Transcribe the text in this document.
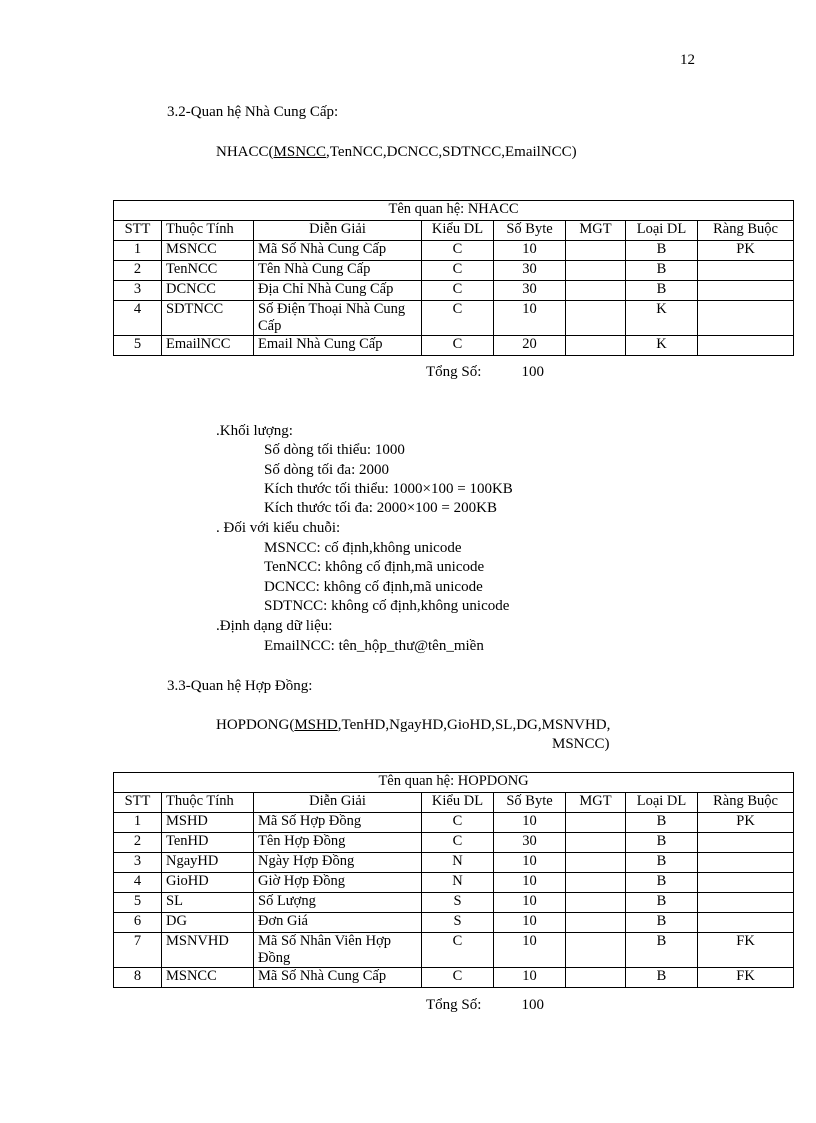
12
3.2-Quan hệ Nhà Cung Cấp:
NHACC(MSNCC,TenNCC,DCNCC,SDTNCC,EmailNCC)
Tên quan hệ: NHACC							
STT	Thuộc Tính	Diễn Giải	Kiểu DL	Số Byte	MGT	Loại DL	Ràng Buộc
1	MSNCC	Mã Số Nhà Cung Cấp	C	10		B	PK
2	TenNCC	Tên Nhà Cung Cấp	C	30		B	
3	DCNCC	Địa Chỉ Nhà Cung Cấp	C	30		B	
4	SDTNCC	Số Điện Thoại Nhà Cung Cấp	C	10		K	
5	EmailNCC	Email Nhà Cung Cấp	C	20		K	
Tổng Số:	100
.Khối lượng:
Số dòng tối thiểu: 1000
Số dòng tối đa: 2000
Kích thước tối thiểu: 1000×100 = 100KB
Kích thước tối đa: 2000×100 = 200KB
. Đối với kiểu chuỗi:
MSNCC: cố định,không unicode
TenNCC: không cố định,mã unicode
DCNCC: không cố định,mã unicode
SDTNCC: không cố định,không unicode
.Định dạng dữ liệu:
EmailNCC: tên_hộp_thư@tên_miền
3.3-Quan hệ Hợp Đồng:
HOPDONG(MSHD,TenHD,NgayHD,GioHD,SL,DG,MSNVHD,
MSNCC)
Tên quan hệ: HOPDONG							
STT	Thuộc Tính	Diễn Giải	Kiểu DL	Số Byte	MGT	Loại DL	Ràng Buộc
1	MSHD	Mã Số Hợp Đồng	C	10		B	PK
2	TenHD	Tên Hợp Đồng	C	30		B	
3	NgayHD	Ngày Hợp Đồng	N	10		B	
4	GioHD	Giờ Hợp Đồng	N	10		B	
5	SL	Số Lượng	S	10		B	
6	DG	Đơn Giá	S	10		B	
7	MSNVHD	Mã Số Nhân Viên Hợp Đồng	C	10		B	FK
8	MSNCC	Mã Số Nhà Cung Cấp	C	10		B	FK
Tổng Số:	100
